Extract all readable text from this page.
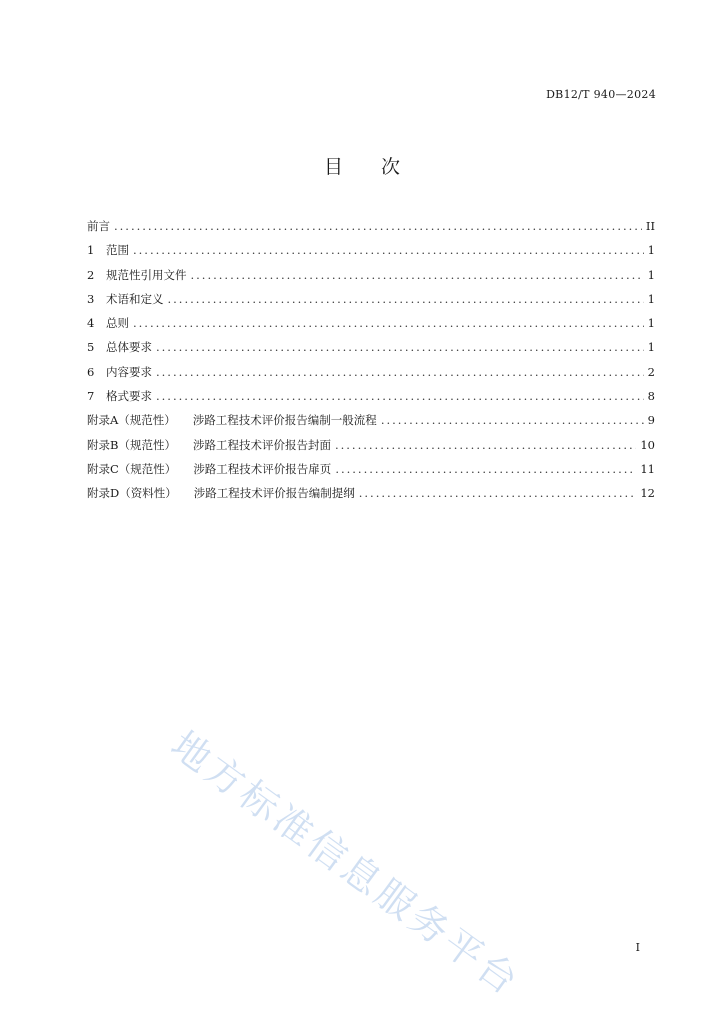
DB12/T 940—2024
目 次
前言 .....	II
1	范围 .....	1
2	规范性引用文件 .....	1
3	术语和定义 .....	1
4	总则 .....	1
5	总体要求 .....	1
6	内容要求 .....	2
7	格式要求 .....	8
附录A（规范性） 涉路工程技术评价报告编制一般流程 .....	9
附录B（规范性） 涉路工程技术评价报告封面 .....	10
附录C（规范性） 涉路工程技术评价报告扉页 .....	11
附录D（资料性） 涉路工程技术评价报告编制提纲 .....	12
地方标准信息服务平台	I
